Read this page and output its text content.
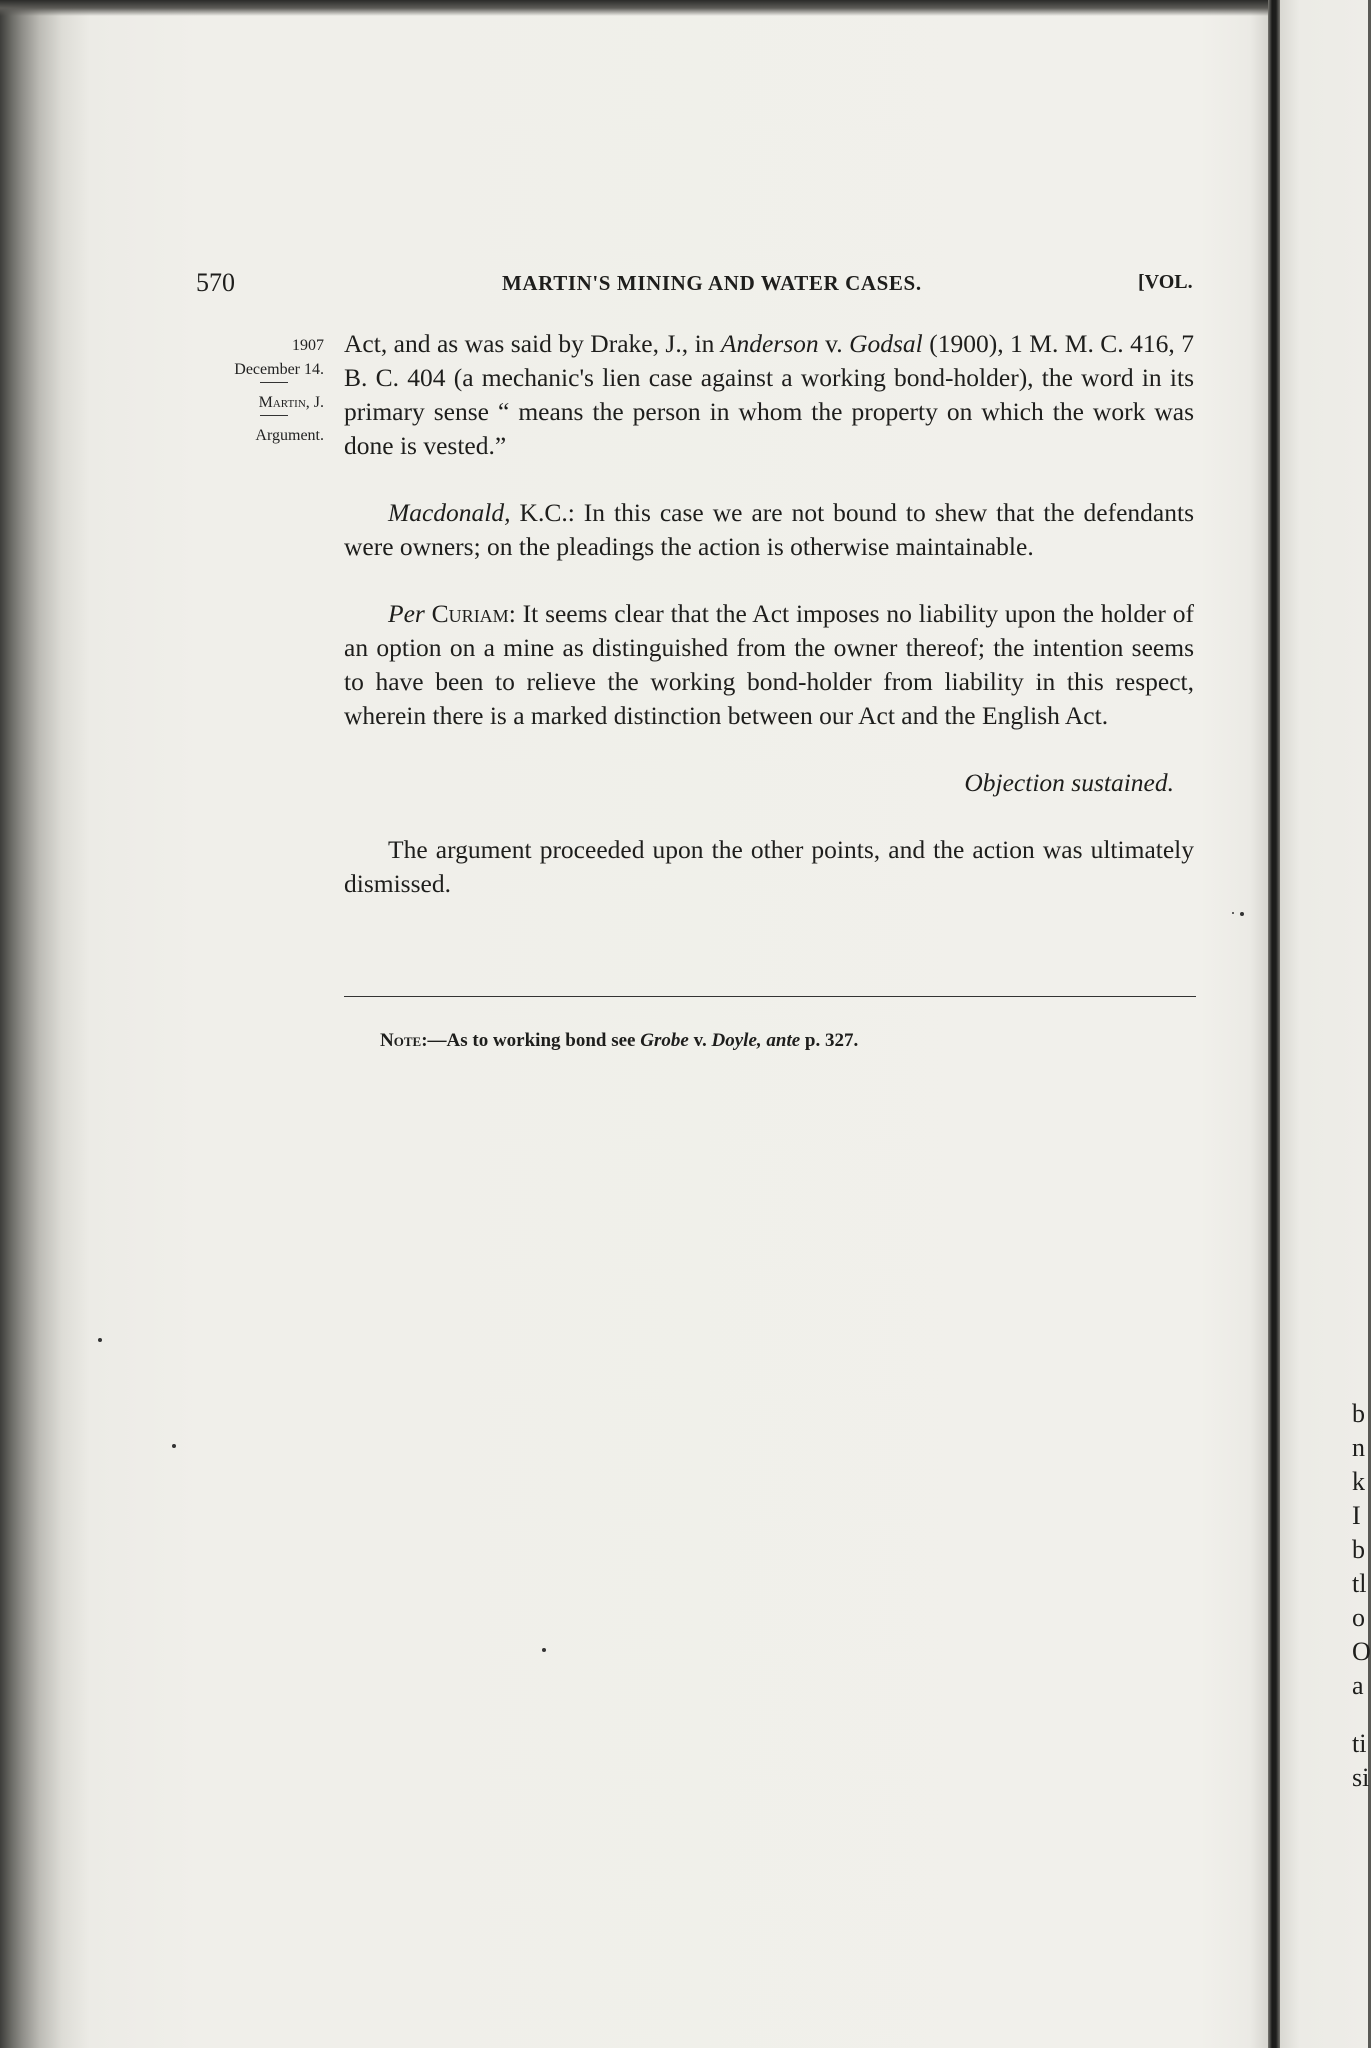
b
n
k
I
b
tl
o
O
a
ti
si
570	MARTIN'S MINING AND WATER CASES.	[VOL.
1907
December 14.
Martin, J.
Argument.

Act, and as was said by Drake, J., in Anderson v. Godsal (1900), 1 M. M. C. 416, 7 B. C. 404 (a mechanic's lien case against a working bond-holder), the word in its primary sense “ means the person in whom the property on which the work was done is vested.”

Macdonald, K.C.: In this case we are not bound to shew that the defendants were owners; on the pleadings the action is otherwise maintainable.

Per Curiam: It seems clear that the Act imposes no liability upon the holder of an option on a mine as distinguished from the owner thereof; the intention seems to have been to relieve the working bond-holder from liability in this respect, wherein there is a marked distinction between our Act and the English Act.

Objection sustained.

The argument proceeded upon the other points, and the action was ultimately dismissed.

Note:—As to working bond see Grobe v. Doyle, ante p. 327.
